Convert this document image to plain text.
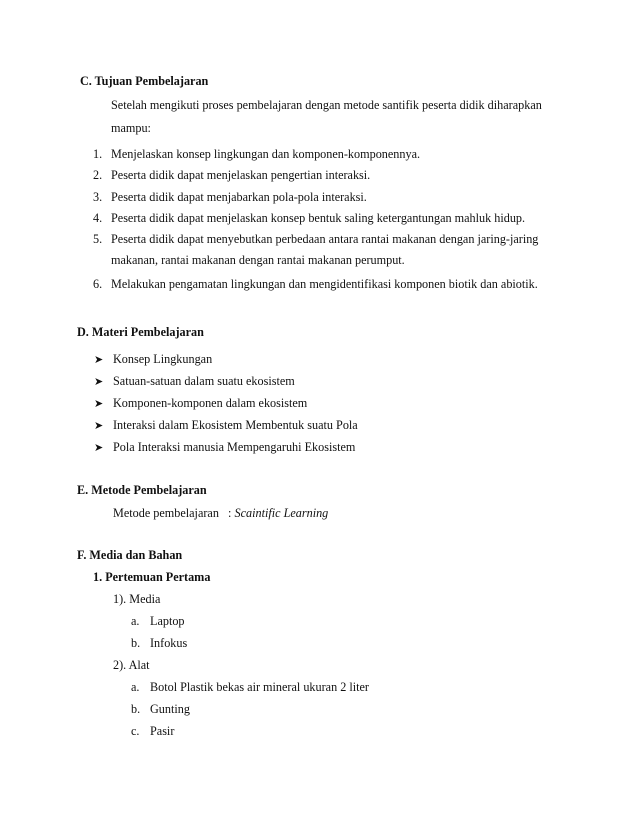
C. Tujuan Pembelajaran
Setelah mengikuti proses pembelajaran dengan metode santifik peserta didik diharapkan
mampu:
1. Menjelaskan konsep lingkungan dan komponen-komponennya.
2. Peserta didik dapat menjelaskan pengertian interaksi.
3. Peserta didik dapat menjabarkan pola-pola interaksi.
4. Peserta didik dapat menjelaskan konsep bentuk saling ketergantungan mahluk hidup.
5. Peserta didik dapat menyebutkan perbedaan antara rantai makanan dengan jaring-jaring
makanan, rantai makanan dengan rantai makanan perumput.
6. Melakukan pengamatan lingkungan dan mengidentifikasi komponen biotik dan abiotik.
D. Materi Pembelajaran
➤ Konsep Lingkungan
➤ Satuan-satuan dalam suatu ekosistem
➤ Komponen-komponen dalam ekosistem
➤ Interaksi dalam Ekosistem Membentuk suatu Pola
➤ Pola Interaksi manusia Mempengaruhi Ekosistem
E. Metode Pembelajaran
Metode pembelajaran   : Scaintific Learning
F. Media dan Bahan
1. Pertemuan Pertama
1). Media
a. Laptop
b. Infokus
2). Alat
a. Botol Plastik bekas air mineral ukuran 2 liter
b. Gunting
c. Pasir
